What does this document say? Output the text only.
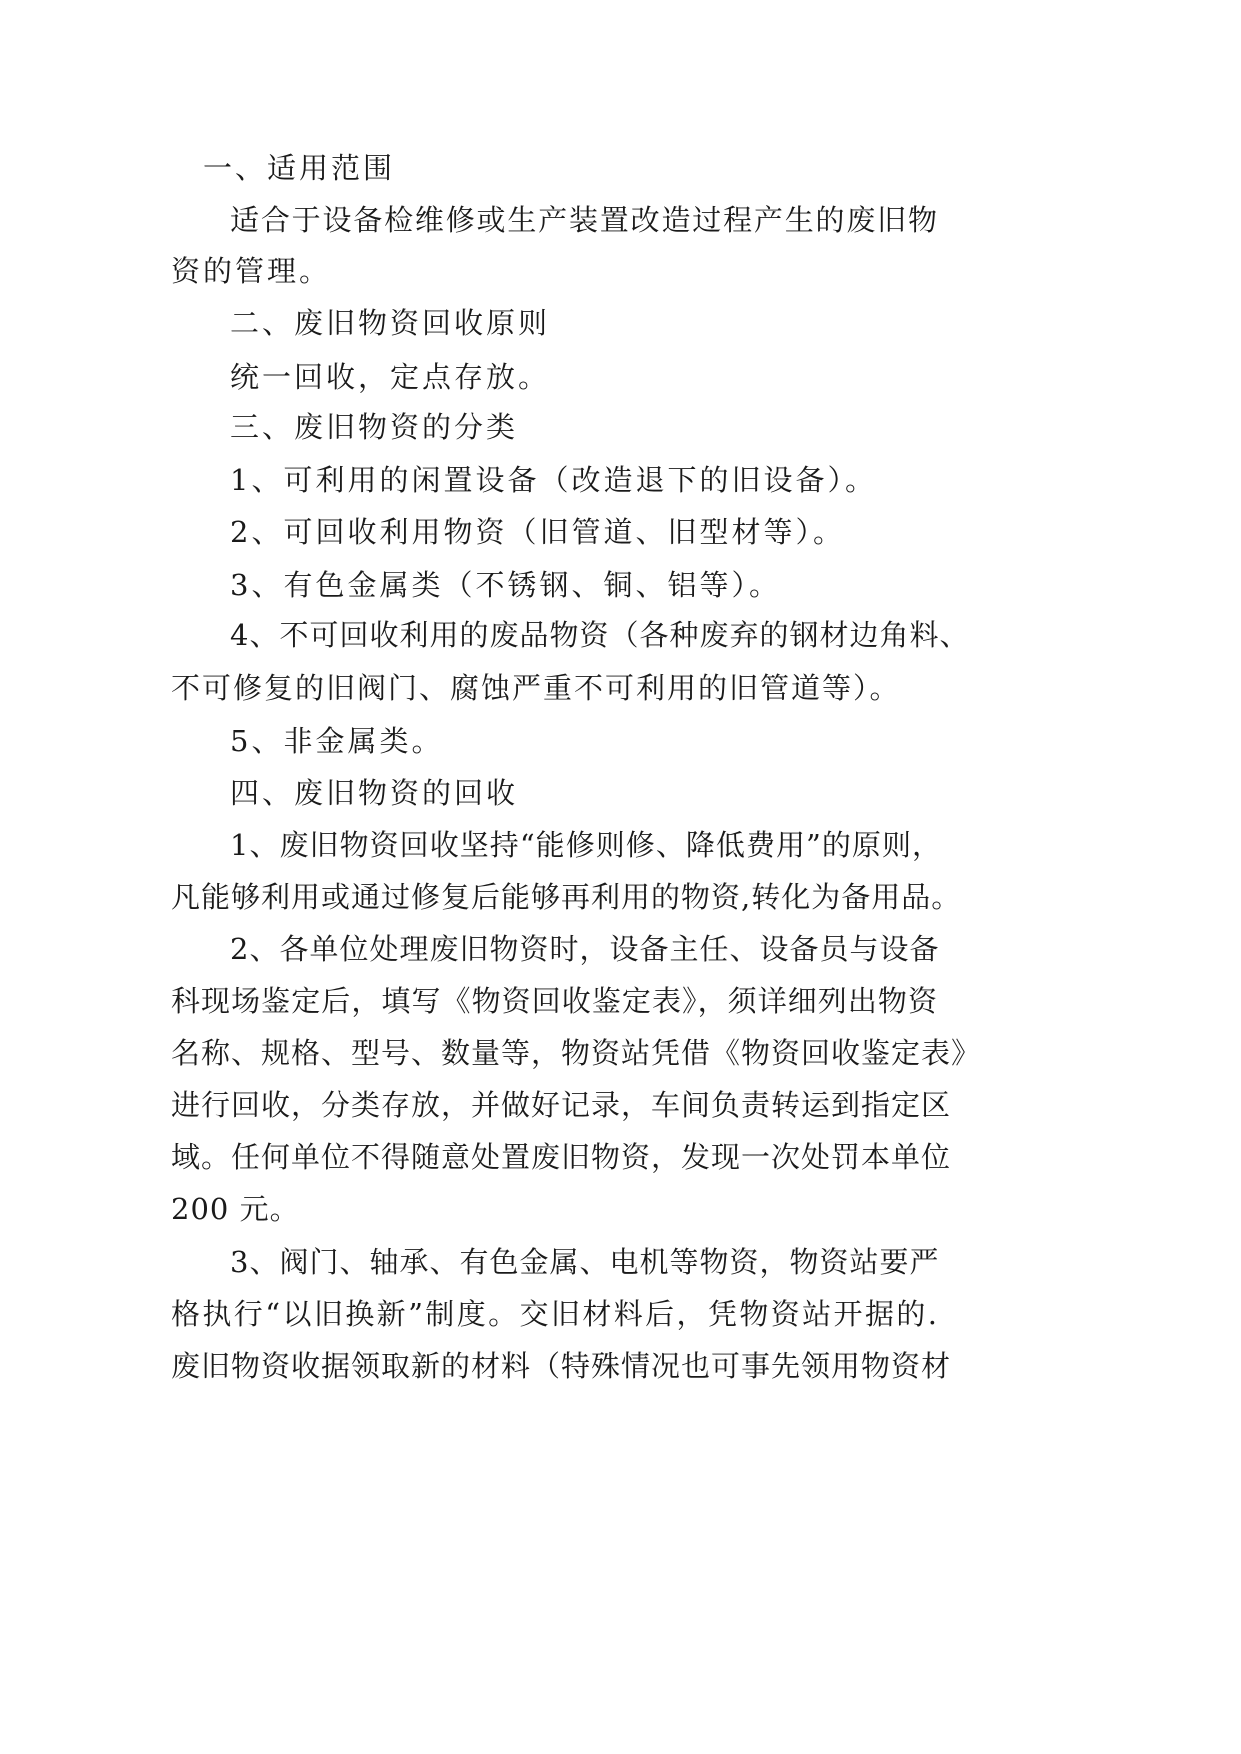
一、适用范围

适合于设备检维修或生产装置改造过程产生的废旧物

资的管理。

二、废旧物资回收原则

统一回收，定点存放。

三、废旧物资的分类

1、可利用的闲置设备（改造退下的旧设备）。

2、可回收利用物资（旧管道、旧型材等）。

3、有色金属类（不锈钢、铜、铝等）。

4、不可回收利用的废品物资（各种废弃的钢材边角料、

不可修复的旧阀门、腐蚀严重不可利用的旧管道等）。

5、非金属类。

四、废旧物资的回收

1、废旧物资回收坚持“能修则修、降低费用”的原则，

凡能够利用或通过修复后能够再利用的物资,转化为备用品。

2、各单位处理废旧物资时，设备主任、设备员与设备

科现场鉴定后，填写《物资回收鉴定表》，须详细列出物资

名称、规格、型号、数量等，物资站凭借《物资回收鉴定表》

进行回收，分类存放，并做好记录，车间负责转运到指定区

域。任何单位不得随意处置废旧物资，发现一次处罚本单位

200 元。

3、阀门、轴承、有色金属、电机等物资，物资站要严

格执行“以旧换新”制度。交旧材料后，凭物资站开据的.

废旧物资收据领取新的材料（特殊情况也可事先领用物资材
